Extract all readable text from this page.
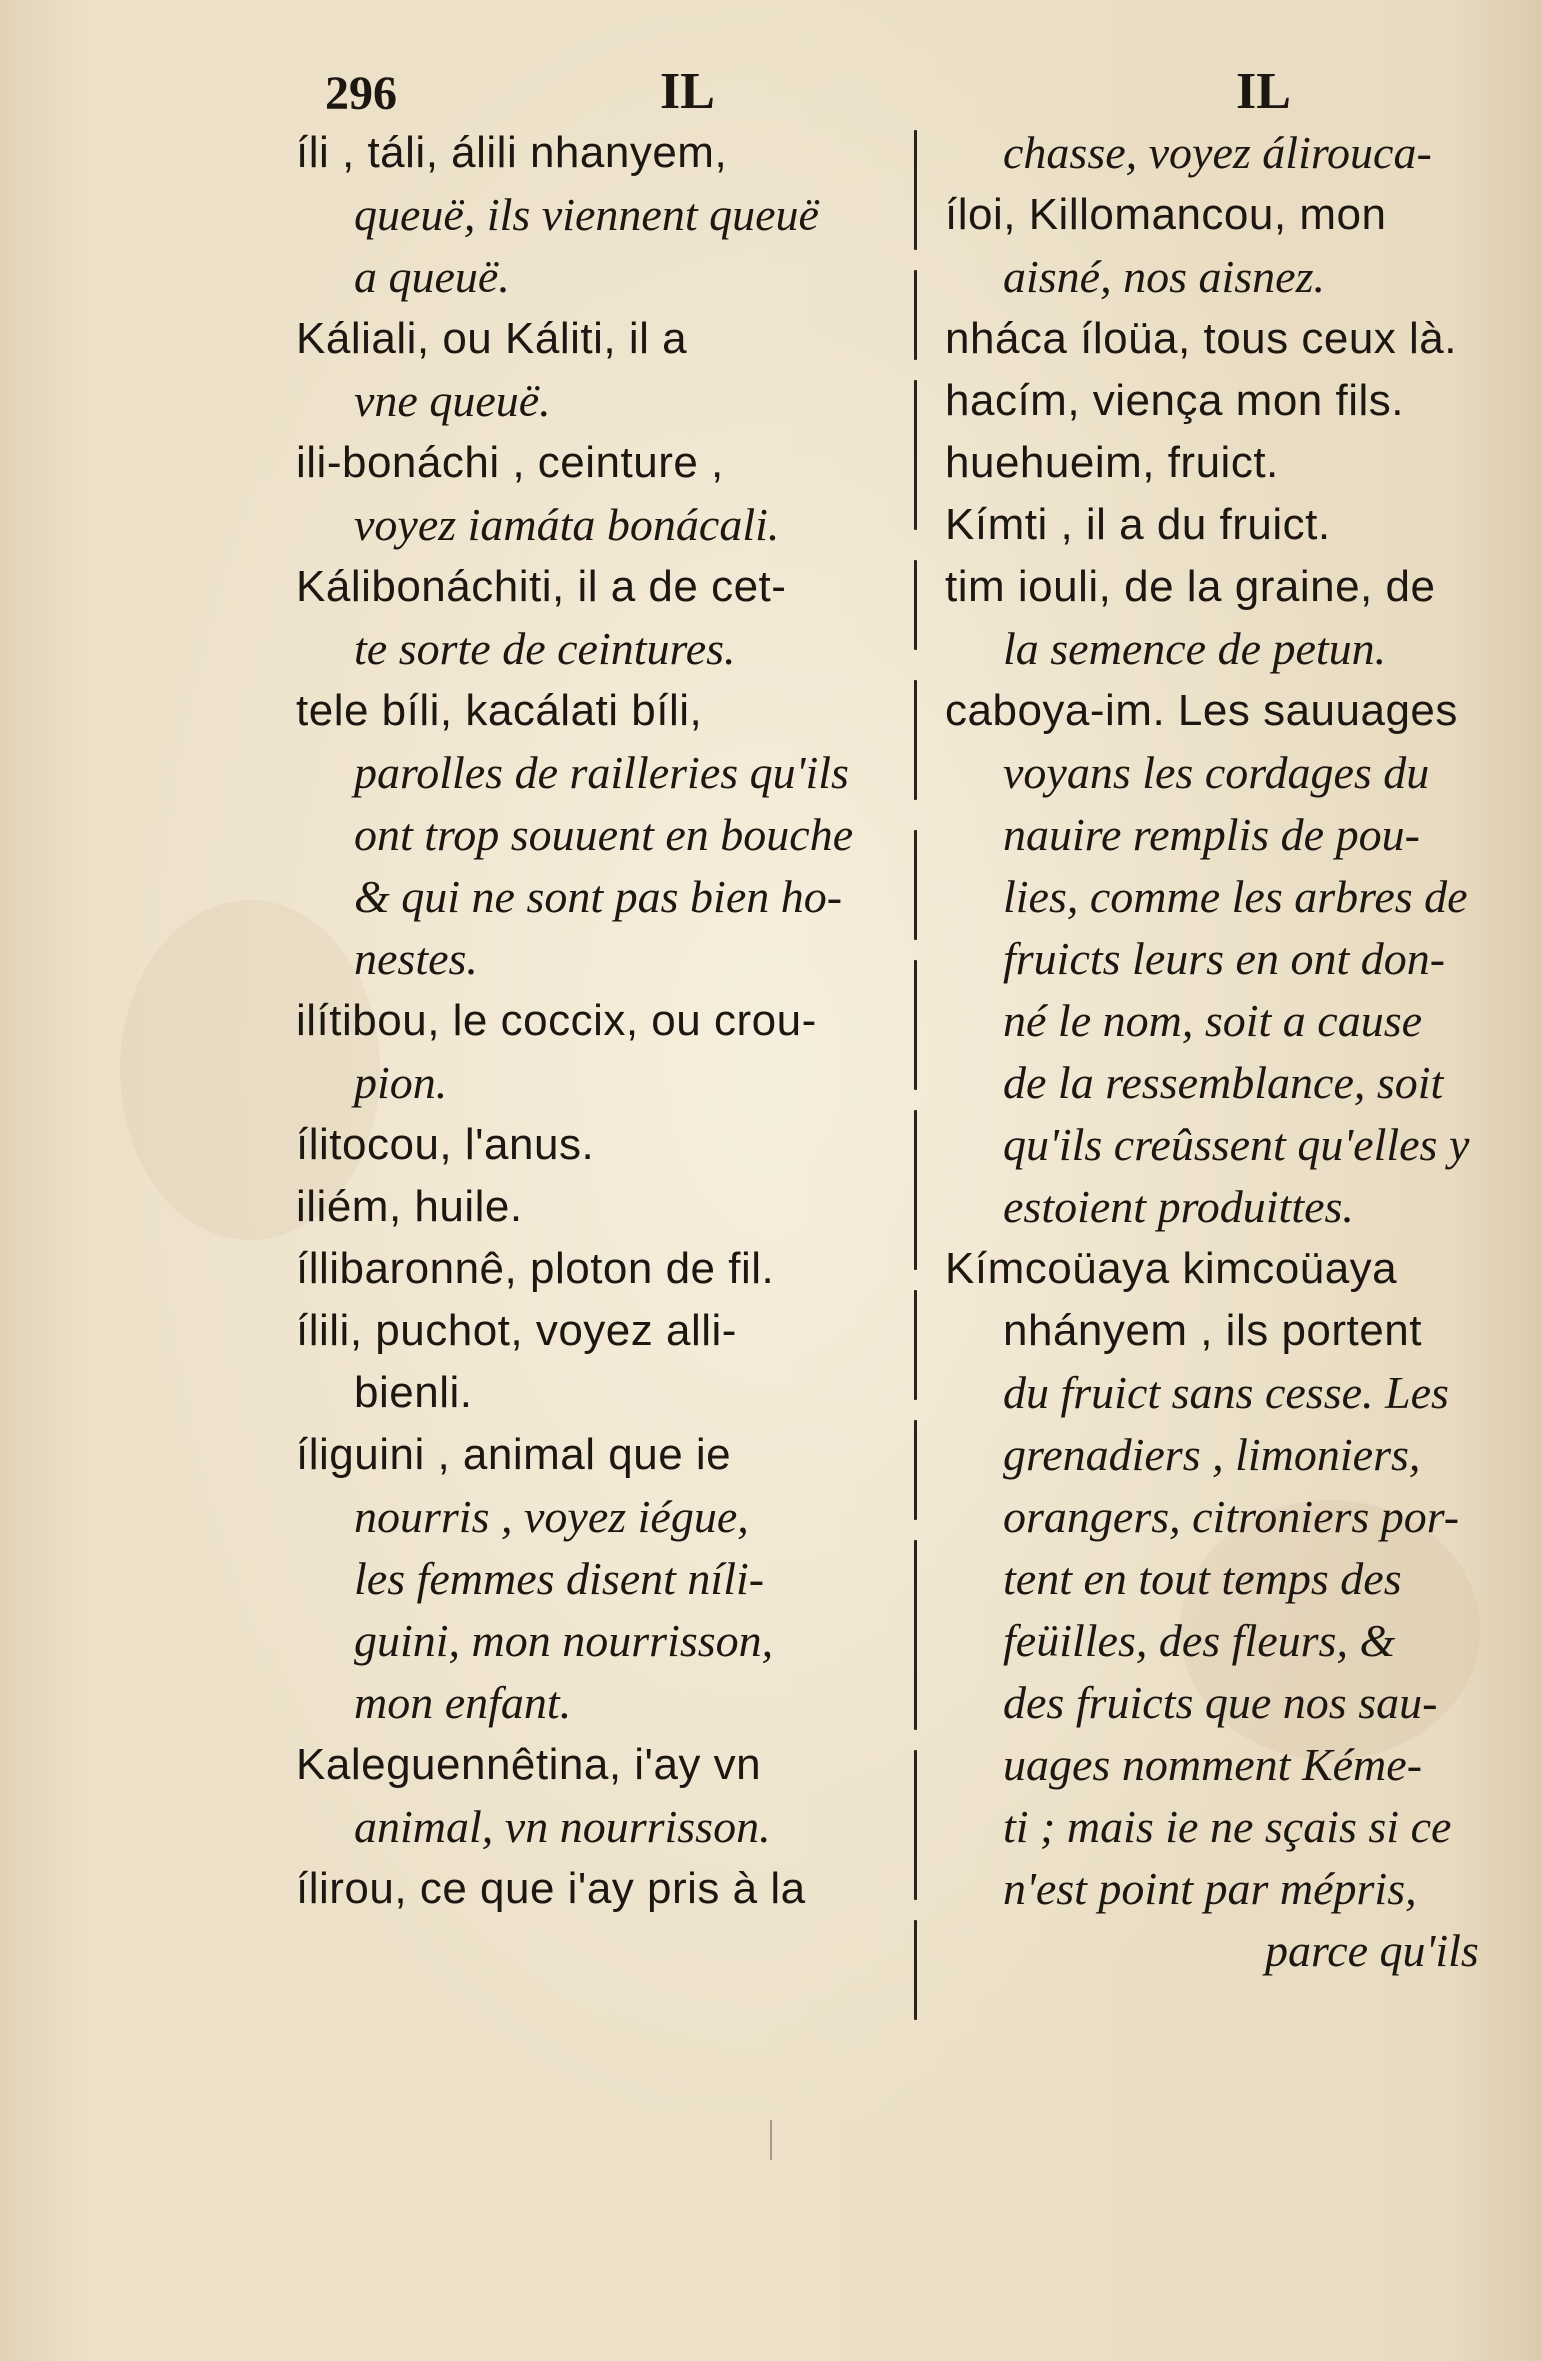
296	IL	IL
íli , táli, álili nhanyem,
queuë, ils viennent queuë
a queuë.
Káliali, ou Káliti, il a
vne queuë.
ili-bonáchi , ceinture ,
voyez iamáta bonácali.
Kálibonáchiti, il a de cet-
te sorte de ceintures.
tele bíli, kacálati bíli,
parolles de railleries qu'ils
ont trop souuent en bouche
& qui ne sont pas bien ho-
nestes.
ilítibou, le coccix, ou crou-
pion.
ílitocou, l'anus.
iliém, huile.
íllibaronnê, ploton de fil.
ílili, puchot, voyez alli-
bienli.
íliguini , animal que ie
nourris , voyez iégue,
les femmes disent níli-
guini, mon nourrisson,
mon enfant.
Kaleguennêtina, i'ay vn
animal, vn nourrisson.
ílirou, ce que i'ay pris à la
chasse, voyez álirouca-
íloi, Killomancou, mon
aisné, nos aisnez.
nháca íloüa, tous ceux là.
hacím, viença mon fils.
huehueim, fruict.
Kímti , il a du fruict.
tim iouli, de la graine, de
la semence de petun.
caboya-im. Les sauuages
voyans les cordages du
nauire remplis de pou-
lies, comme les arbres de
fruicts leurs en ont don-
né le nom, soit a cause
de la ressemblance, soit
qu'ils creûssent qu'elles y
estoient produittes.
Kímcoüaya kimcoüaya
nhányem , ils portent
du fruict sans cesse. Les
grenadiers , limoniers,
orangers, citroniers por-
tent en tout temps des
feüilles, des fleurs, &
des fruicts que nos sau-
uages nomment Kéme-
ti ; mais ie ne sçais si ce
n'est point par mépris,
parce qu'ils
